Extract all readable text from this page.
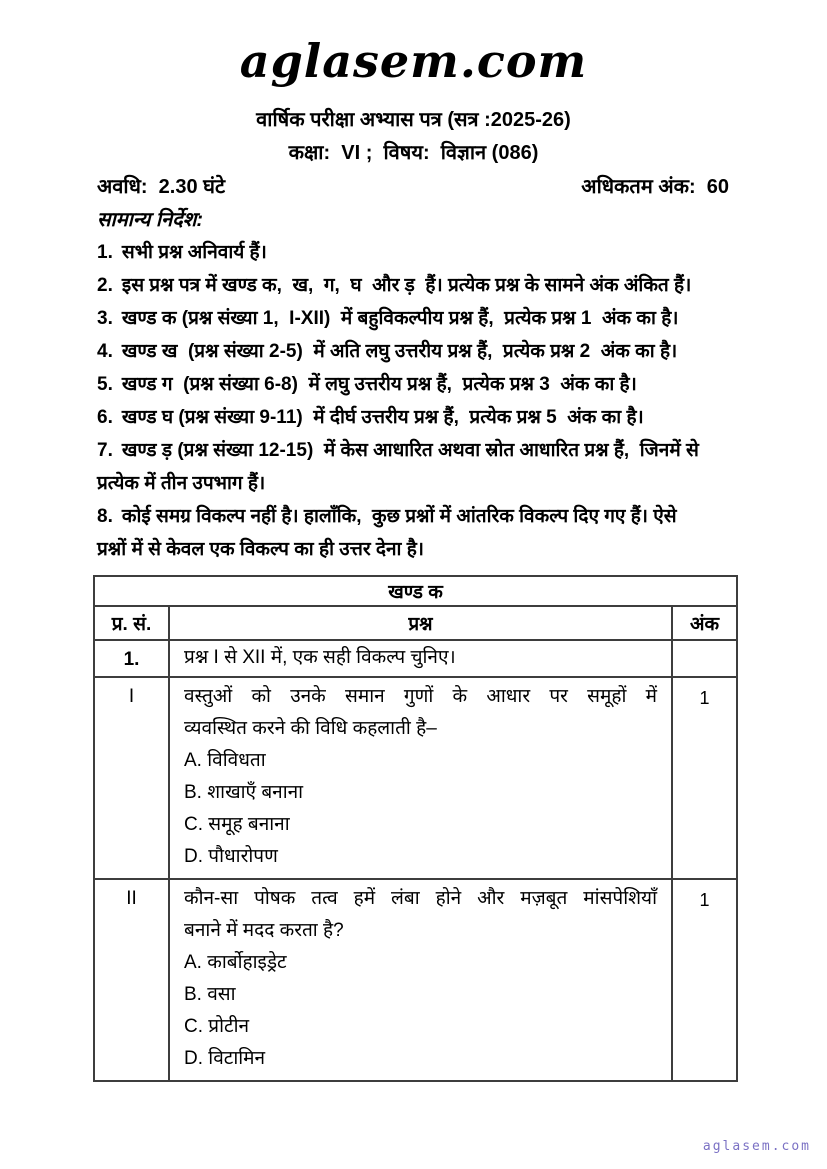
aglasem.com
वार्षिक परीक्षा अभ्यास पत्र (सत्र :2025-26)
कक्षा:  VI ;  विषय:  विज्ञान (086)
अवधि:  2.30 घंटे	अधिकतम अंक:  60
सामान्य निर्देश:
1. सभी प्रश्न अनिवार्य हैं।
2. इस प्रश्न पत्र में खण्ड क,  ख,  ग,  घ  और ड़  हैं। प्रत्येक प्रश्न के सामने अंक अंकित हैं।
3. खण्ड क (प्रश्न संख्या 1,  I-XII)  में बहुविकल्पीय प्रश्न हैं,  प्रत्येक प्रश्न 1  अंक का है।
4. खण्ड ख  (प्रश्न संख्या 2-5)  में अति लघु उत्तरीय प्रश्न हैं,  प्रत्येक प्रश्न 2  अंक का है।
5. खण्ड ग  (प्रश्न संख्या 6-8)  में लघु उत्तरीय प्रश्न हैं,  प्रत्येक प्रश्न 3  अंक का है।
6. खण्ड घ (प्रश्न संख्या 9-11)  में दीर्घ उत्तरीय प्रश्न हैं,  प्रत्येक प्रश्न 5  अंक का है।
7. खण्ड ड़ (प्रश्न संख्या 12-15)  में केस आधारित अथवा स्रोत आधारित प्रश्न हैं,  जिनमें से
प्रत्येक में तीन उपभाग हैं।
8. कोई समग्र विकल्प नहीं है। हालाँकि,  कुछ प्रश्नों में आंतरिक विकल्प दिए गए हैं। ऐसे
प्रश्नों में से केवल एक विकल्प का ही उत्तर देना है।
खण्ड क		
प्र. सं.	प्रश्न	अंक
1.	प्रश्न I से XII में, एक सही विकल्प चुनिए।	

I	वस्तुओं को उनके समान गुणों के आधार पर समूहों में
व्यवस्थित करने की विधि कहलाती है–
A. विविधता
B. शाखाएँ बनाना
C. समूह बनाना
D. पौधारोपण
	1
II	कौन-सा पोषक तत्व हमें लंबा होने और मज़बूत मांसपेशियाँ
बनाने में मदद करता है?
A. कार्बोहाइड्रेट
B. वसा
C. प्रोटीन
D. विटामिन
	1
aglasem.com
